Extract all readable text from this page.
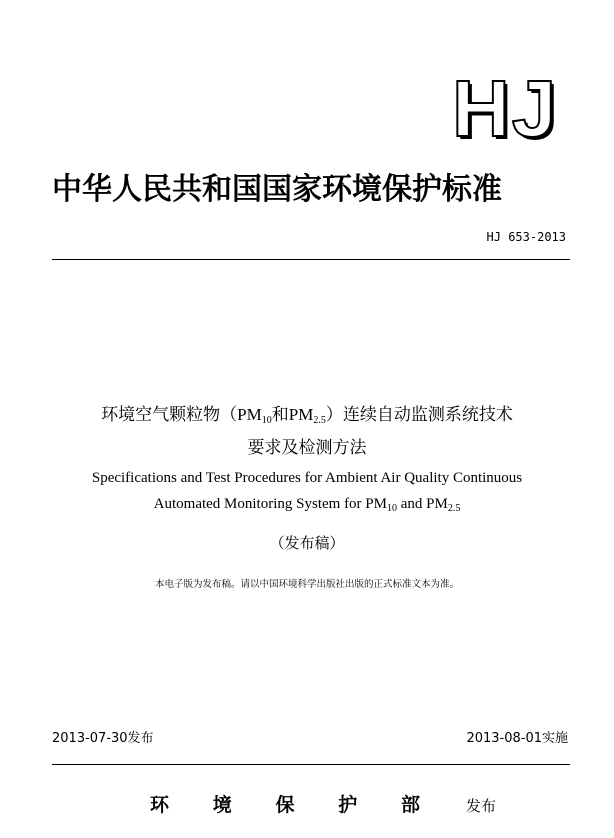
HJ
中华人民共和国国家环境保护标准
HJ 653-2013
环境空气颗粒物（$PM_{10}$和$PM_{2.5}$）连续自动监测系统技术
要求及检测方法
Specifications and Test Procedures for Ambient Air Quality Continuous
Automated Monitoring System for $PM_{10}$ and $PM_{2.5}$
（发布稿）
本电子版为发布稿。请以中国环境科学出版社出版的正式标准文本为准。
2013-07-30发布	2013-08-01实施
环 境 保 护 部	发布
